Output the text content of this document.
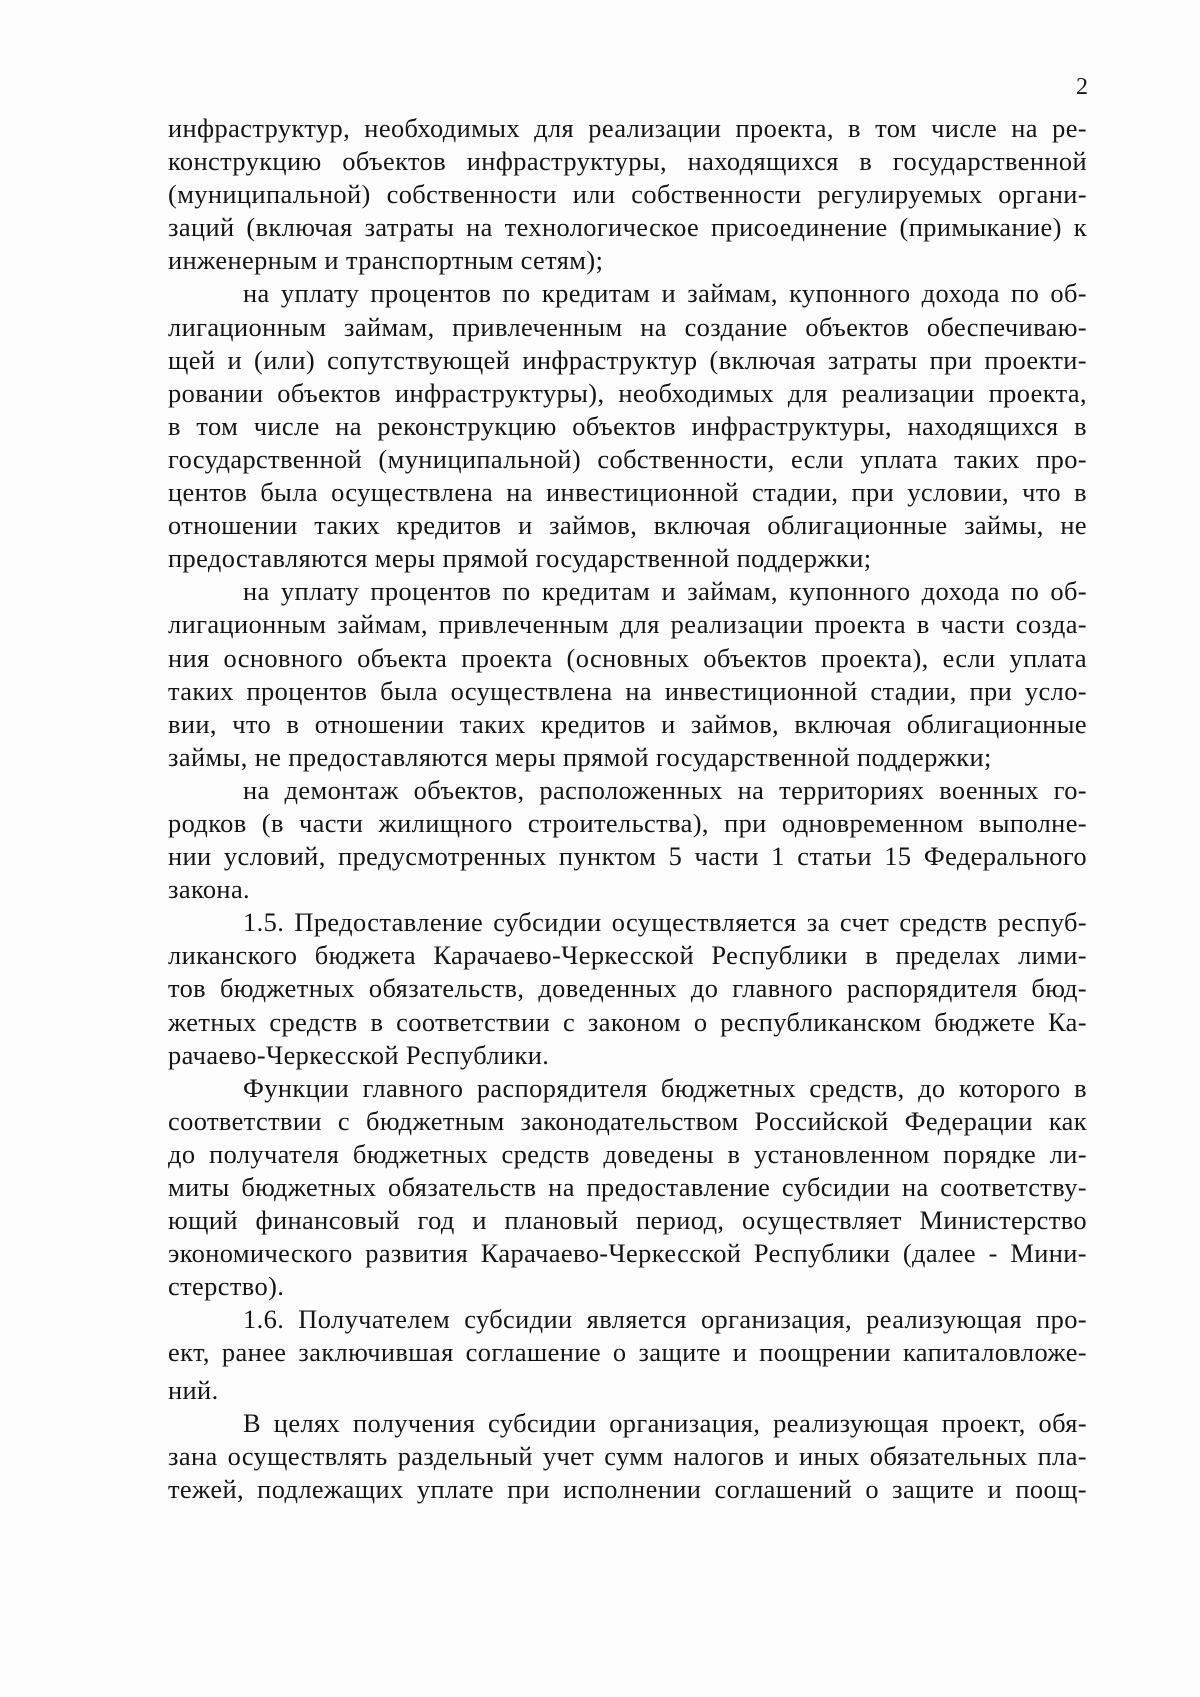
2
инфраструктур, необходимых для реализации проекта, в том числе на ре-
конструкцию объектов инфраструктуры, находящихся в государственной
(муниципальной) собственности или собственности регулируемых органи-
заций (включая затраты на технологическое присоединение (примыкание) к
инженерным и транспортным сетям);
на уплату процентов по кредитам и займам, купонного дохода по об-
лигационным займам, привлеченным на создание объектов обеспечиваю-
щей и (или) сопутствующей инфраструктур (включая затраты при проекти-
ровании объектов инфраструктуры), необходимых для реализации проекта,
в том числе на реконструкцию объектов инфраструктуры, находящихся в
государственной (муниципальной) собственности, если уплата таких про-
центов была осуществлена на инвестиционной стадии, при условии, что в
отношении таких кредитов и займов, включая облигационные займы, не
предоставляются меры прямой государственной поддержки;
на уплату процентов по кредитам и займам, купонного дохода по об-
лигационным займам, привлеченным для реализации проекта в части созда-
ния основного объекта проекта (основных объектов проекта), если уплата
таких процентов была осуществлена на инвестиционной стадии, при усло-
вии, что в отношении таких кредитов и займов, включая облигационные
займы, не предоставляются меры прямой государственной поддержки;
на демонтаж объектов, расположенных на территориях военных го-
родков (в части жилищного строительства), при одновременном выполне-
нии условий, предусмотренных пунктом 5 части 1 статьи 15 Федерального
закона.
1.5. Предоставление субсидии осуществляется за счет средств респуб-
ликанского бюджета Карачаево-Черкесской Республики в пределах лими-
тов бюджетных обязательств, доведенных до главного распорядителя бюд-
жетных средств в соответствии с законом о республиканском бюджете Ка-
рачаево-Черкесской Республики.
Функции главного распорядителя бюджетных средств, до которого в
соответствии с бюджетным законодательством Российской Федерации как
до получателя бюджетных средств доведены в установленном порядке ли-
миты бюджетных обязательств на предоставление субсидии на соответству-
ющий финансовый год и плановый период, осуществляет Министерство
экономического развития Карачаево-Черкесской Республики (далее - Мини-
стерство).
1.6. Получателем субсидии является организация, реализующая про-
ект, ранее заключившая соглашение о защите и поощрении капиталовложе-
ний.
В целях получения субсидии организация, реализующая проект, обя-
зана осуществлять раздельный учет сумм налогов и иных обязательных пла-
тежей, подлежащих уплате при исполнении соглашений о защите и поощ-
